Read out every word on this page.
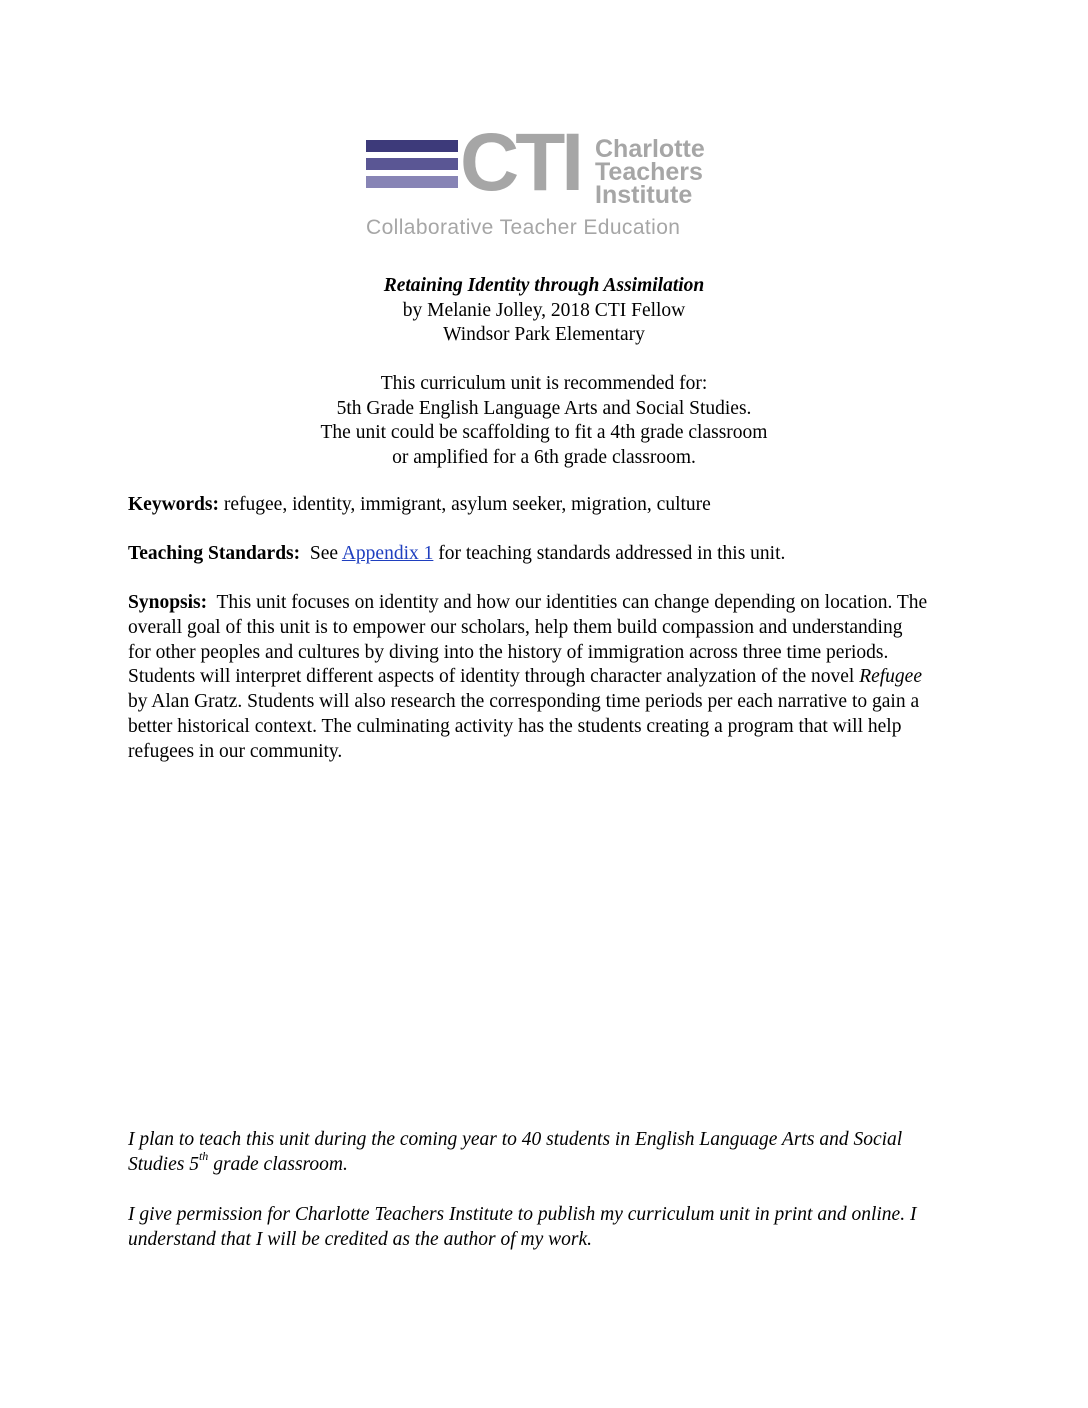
CTI Charlotte
Teachers
Institute
Collaborative Teacher Education
Retaining Identity through Assimilation
by Melanie Jolley, 2018 CTI Fellow
Windsor Park Elementary
This curriculum unit is recommended for:
5th Grade English Language Arts and Social Studies.
The unit could be scaffolding to fit a 4th grade classroom
or amplified for a 6th grade classroom.
Keywords: refugee, identity, immigrant, asylum seeker, migration, culture
Teaching Standards:  See Appendix 1 for teaching standards addressed in this unit.
Synopsis:  This unit focuses on identity and how our identities can change depending on location. The overall goal of this unit is to empower our scholars, help them build compassion and understanding for other peoples and cultures by diving into the history of immigration across three time periods. Students will interpret different aspects of identity through character analyzation of the novel Refugee by Alan Gratz. Students will also research the corresponding time periods per each narrative to gain a better historical context. The culminating activity has the students creating a program that will help refugees in our community.
I plan to teach this unit during the coming year to 40 students in English Language Arts and Social Studies 5th grade classroom.
I give permission for Charlotte Teachers Institute to publish my curriculum unit in print and online. I understand that I will be credited as the author of my work.
